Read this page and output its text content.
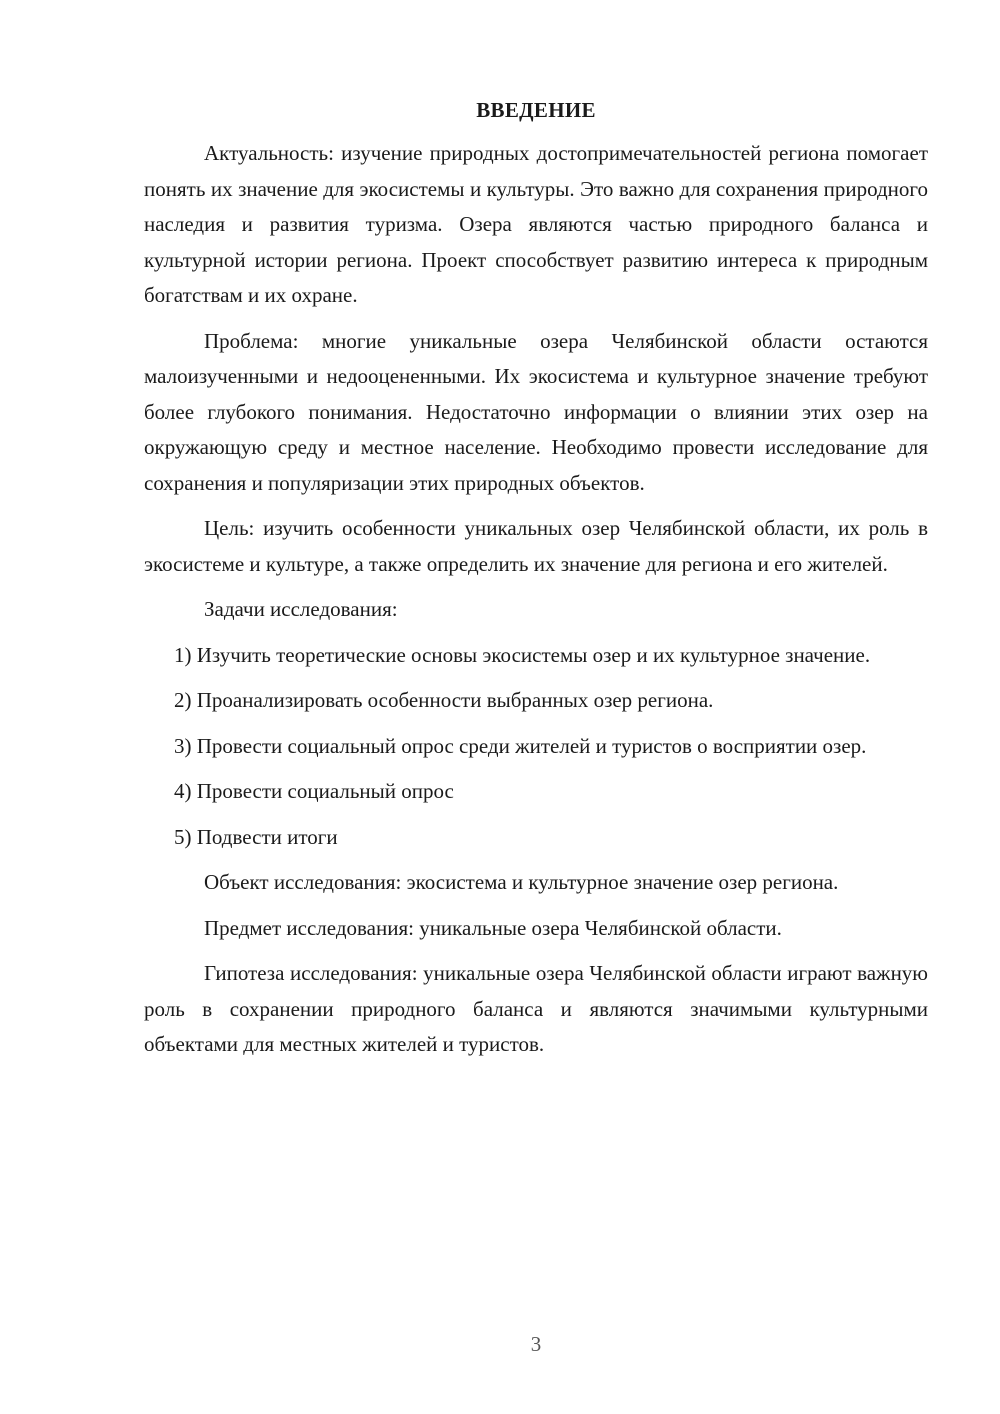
ВВЕДЕНИЕ

Актуальность: изучение природных достопримечательностей региона помогает понять их значение для экосистемы и культуры. Это важно для сохранения природного наследия и развития туризма. Озера являются частью природного баланса и культурной истории региона. Проект способствует развитию интереса к природным богатствам и их охране.

Проблема: многие уникальные озера Челябинской области остаются малоизученными и недооцененными. Их экосистема и культурное значение требуют более глубокого понимания. Недостаточно информации о влиянии этих озер на окружающую среду и местное население. Необходимо провести исследование для сохранения и популяризации этих природных объектов.

Цель: изучить особенности уникальных озер Челябинской области, их роль в экосистеме и культуре, а также определить их значение для региона и его жителей.

Задачи исследования:

1) Изучить теоретические основы экосистемы озер и их культурное значение.

2) Проанализировать особенности выбранных озер региона.

3) Провести социальный опрос среди жителей и туристов о восприятии озер.

4) Провести социальный опрос

5) Подвести итоги

Объект исследования: экосистема и культурное значение озер региона.

Предмет исследования: уникальные озера Челябинской области.

Гипотеза исследования: уникальные озера Челябинской области играют важную роль в сохранении природного баланса и являются значимыми культурными объектами для местных жителей и туристов.

3
